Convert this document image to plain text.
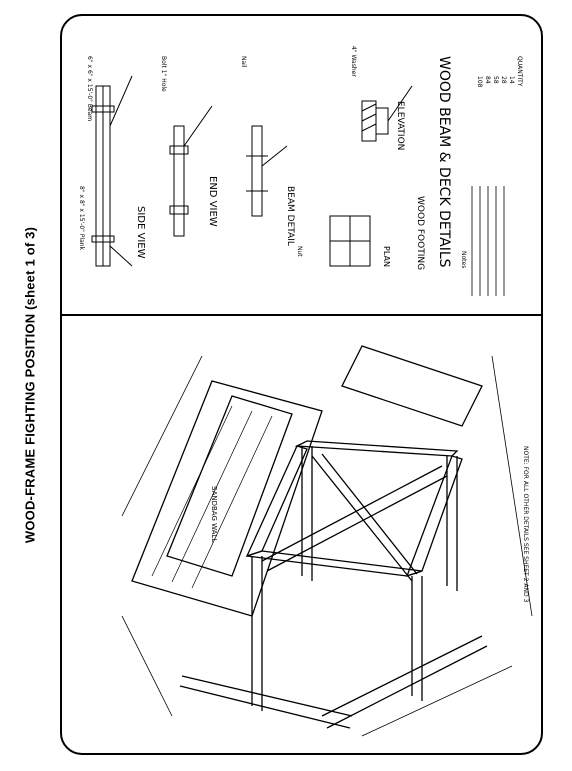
WOOD-FRAME FIGHTING POSITION (sheet 1 of 3)	SIDE VIEW
END VIEW	BEAM DETAIL
ELEVATION
WOOD FOOTING
PLAN	WOOD BEAM & DECK DETAILS
6" x 6" x 15'-0" Beam
8" x 8" x 15'-0" Plank
Bolt 1" Hole	Nail	4" Washer
Nut	Notes
QUANTITY
108 84 58 28 14
SANDBAG WALL	NOTE: FOR ALL OTHER DETAILS SEE SHEET 2 AND 3
